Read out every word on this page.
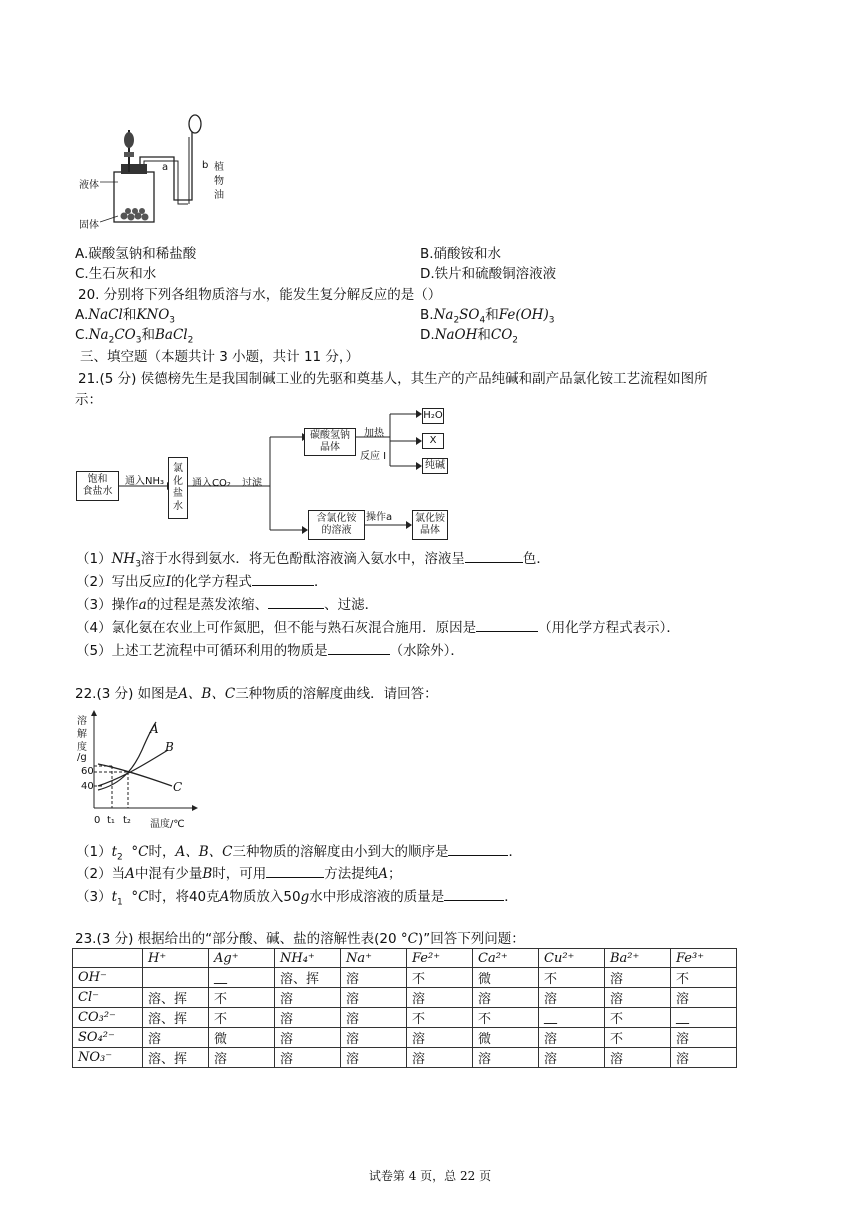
液体
固体
a	b 植
物
油
A.碳酸氢钠和稀盐酸	B.硝酸铵和水
C.生石灰和水	D.铁片和硫酸铜溶液液
20. 分别将下列各组物质溶与水，能发生复分解反应的是（）
A.NaCl和$KNO_3$	$B.Na_2SO_4$和$Fe(OH)_3$
$C.Na_2CO_3$和BaCl$_2$	D.NaOH和$CO_2$
三、填空题（本题共计 3 小题，共计 11 分，）
21.(5 分) 侯德榜先生是我国制碱工业的先驱和奠基人，其生产的产品纯碱和副产品氯化铵工艺流程如图所
示：
饱和
食盐水
通入NH₃
氯
化
盐
水
通入CO₂ 过滤
碳酸氢钠
晶体
加热
反应 I
H₂O
X
纯碱
含氯化铵
的溶液
操作a 氯化铵
晶体
$(1)NH_3$溶于水得到氨水．将无色酚酞溶液滴入氨水中，溶液呈	色．
（2）写出反应I的化学方程式	．
（3）操作a的过程是蒸发浓缩、	、过滤．
（4）氯化氨在农业上可作氮肥，但不能与熟石灰混合施用．原因是	（用化学方程式表示）．
（5）上述工艺流程中可循环利用的物质是	（水除外）．
22.(3 分) 如图是A、B、C三种物质的溶解度曲线．请回答：
溶
解
度
/g
60
40
0 t₁ t₂ 温度/℃
A
B
C
$(1)t_2$ °C时，A、B、C三种物质的溶解度由小到大的顺序是	．
（2）当A中混有少量B时，可用	方法提纯A；
$(3)t_1$ °C时，将40克A物质放入50g水中形成溶液的质量是	．
23.(3 分) 根据给出的“部分酸、碱、盐的溶解性表(20 °C)”回答下列问题：
	H⁺	Ag⁺	NH₄⁺	Na⁺	Fe²⁺	Ca²⁺	Cu²⁺	Ba²⁺	Fe³⁺
OH⁻		__	溶、挥	溶	不	微	不	溶	不
Cl⁻	溶、挥	不	溶	溶	溶	溶	溶	溶	溶
CO₃²⁻	溶、挥	不	溶	溶	不	不	__	不	__
SO₄²⁻	溶	微	溶	溶	溶	微	溶	不	溶
NO₃⁻	溶、挥	溶	溶	溶	溶	溶	溶	溶	溶
试卷第 4 页，总 22 页
